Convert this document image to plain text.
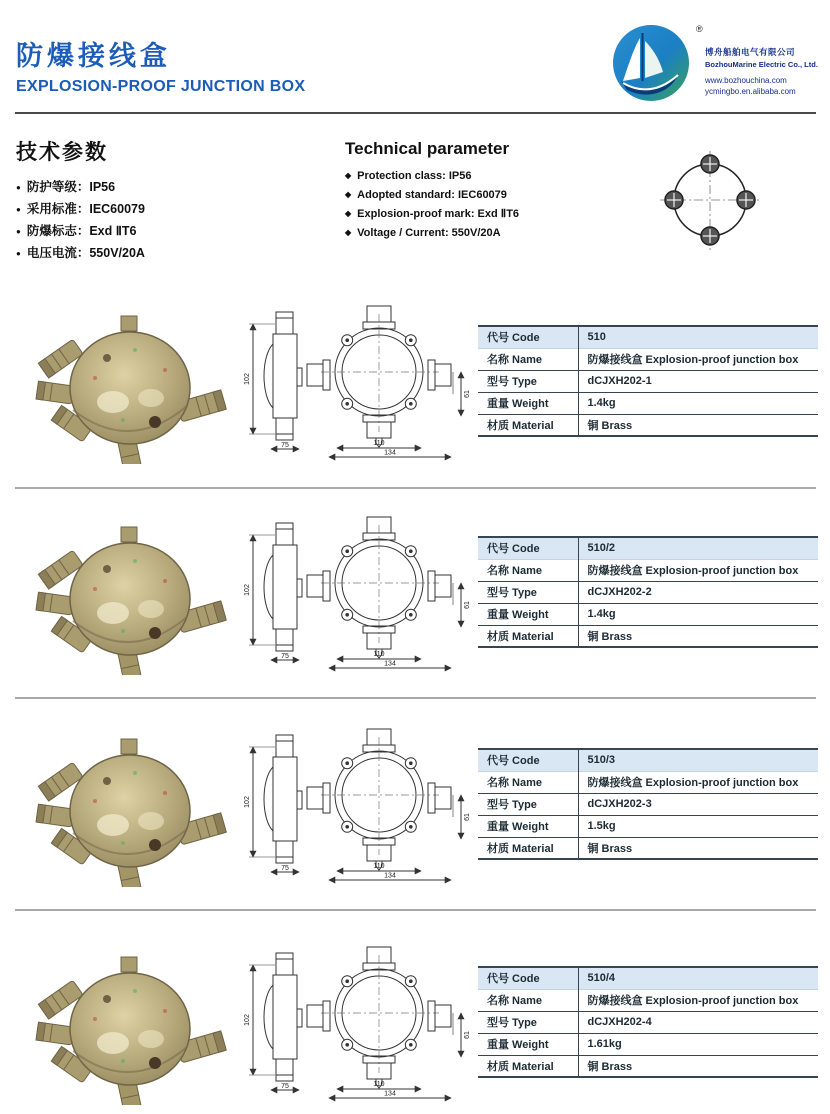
防爆接线盒
EXPLOSION-PROOF JUNCTION BOX
®
博舟船舶电气有限公司
BozhouMarine Electric Co., Ltd.
www.bozhouchina.com
ycmingbo.en.alibaba.com
技术参数
● 防护等级：IP56
● 采用标准：IEC60079
● 防爆标志：Exd ⅡT6
● 电压电流：550V/20A
Technical parameter
◆ Protection class: IP56
◆ Adopted standard: IEC60079
◆ Explosion-proof mark: Exd ⅡT6
◆ Voltage / Current: 550V/20A
代号 Code	510
名称 Name	防爆接线盒 Explosion-proof junction box
型号 Type	dCJXH202-1
重量 Weight	1.4kg
材质 Material	铜 Brass
代号 Code	510/2
名称 Name	防爆接线盒 Explosion-proof junction box
型号 Type	dCJXH202-2
重量 Weight	1.4kg
材质 Material	铜 Brass
代号 Code	510/3
名称 Name	防爆接线盒 Explosion-proof junction box
型号 Type	dCJXH202-3
重量 Weight	1.5kg
材质 Material	铜 Brass
代号 Code	510/4
名称 Name	防爆接线盒 Explosion-proof junction box
型号 Type	dCJXH202-4
重量 Weight	1.61kg
材质 Material	铜 Brass
